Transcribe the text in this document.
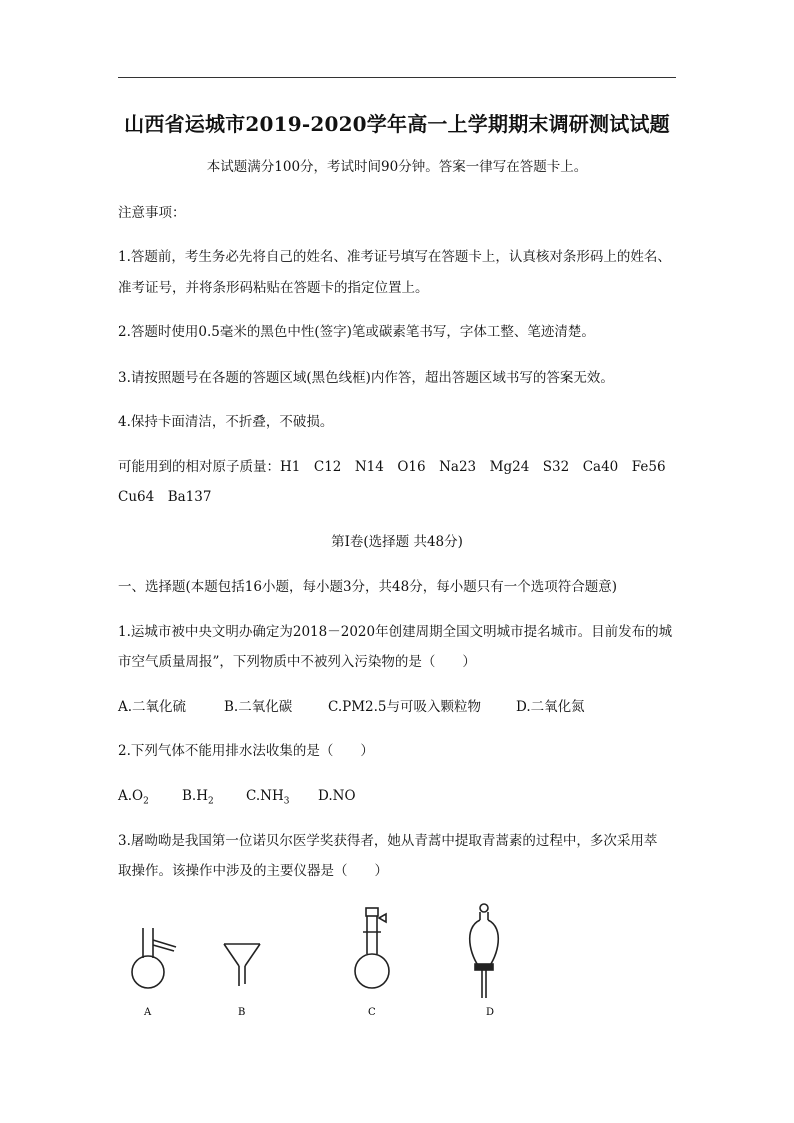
山西省运城市2019-2020学年高一上学期期末调研测试试题
本试题满分100分，考试时间90分钟。答案一律写在答题卡上。
注意事项：
1.答题前，考生务必先将自己的姓名、准考证号填写在答题卡上，认真核对条形码上的姓名、
准考证号，并将条形码粘贴在答题卡的指定位置上。
2.答题时使用0.5毫米的黑色中性(签字)笔或碳素笔书写，字体工整、笔迹清楚。
3.请按照题号在各题的答题区域(黑色线框)内作答，超出答题区域书写的答案无效。
4.保持卡面清洁，不折叠，不破损。
可能用到的相对原子质量：H1　C12　N14　O16　Na23　Mg24　S32　Ca40　Fe56
Cu64　Ba137
第Ⅰ卷(选择题 共48分)
一、选择题(本题包括16小题，每小题3分，共48分，每小题只有一个选项符合题意)
1.运城市被中央文明办确定为2018－2020年创建周期全国文明城市提名城市。目前发布的城
市空气质量周报”，下列物质中不被列入污染物的是（　　）
A.二氧化硫	B.二氧化碳	C.PM2.5与可吸入颗粒物	D.二氧化氮
2.下列气体不能用排水法收集的是（　　）
$A.O_2$ $B.H_2$ $C.NH_3$ D.NO
3.屠呦呦是我国第一位诺贝尔医学奖获得者，她从青蒿中提取青蒿素的过程中，多次采用萃
取操作。该操作中涉及的主要仪器是（　　）
A	B	C	D
